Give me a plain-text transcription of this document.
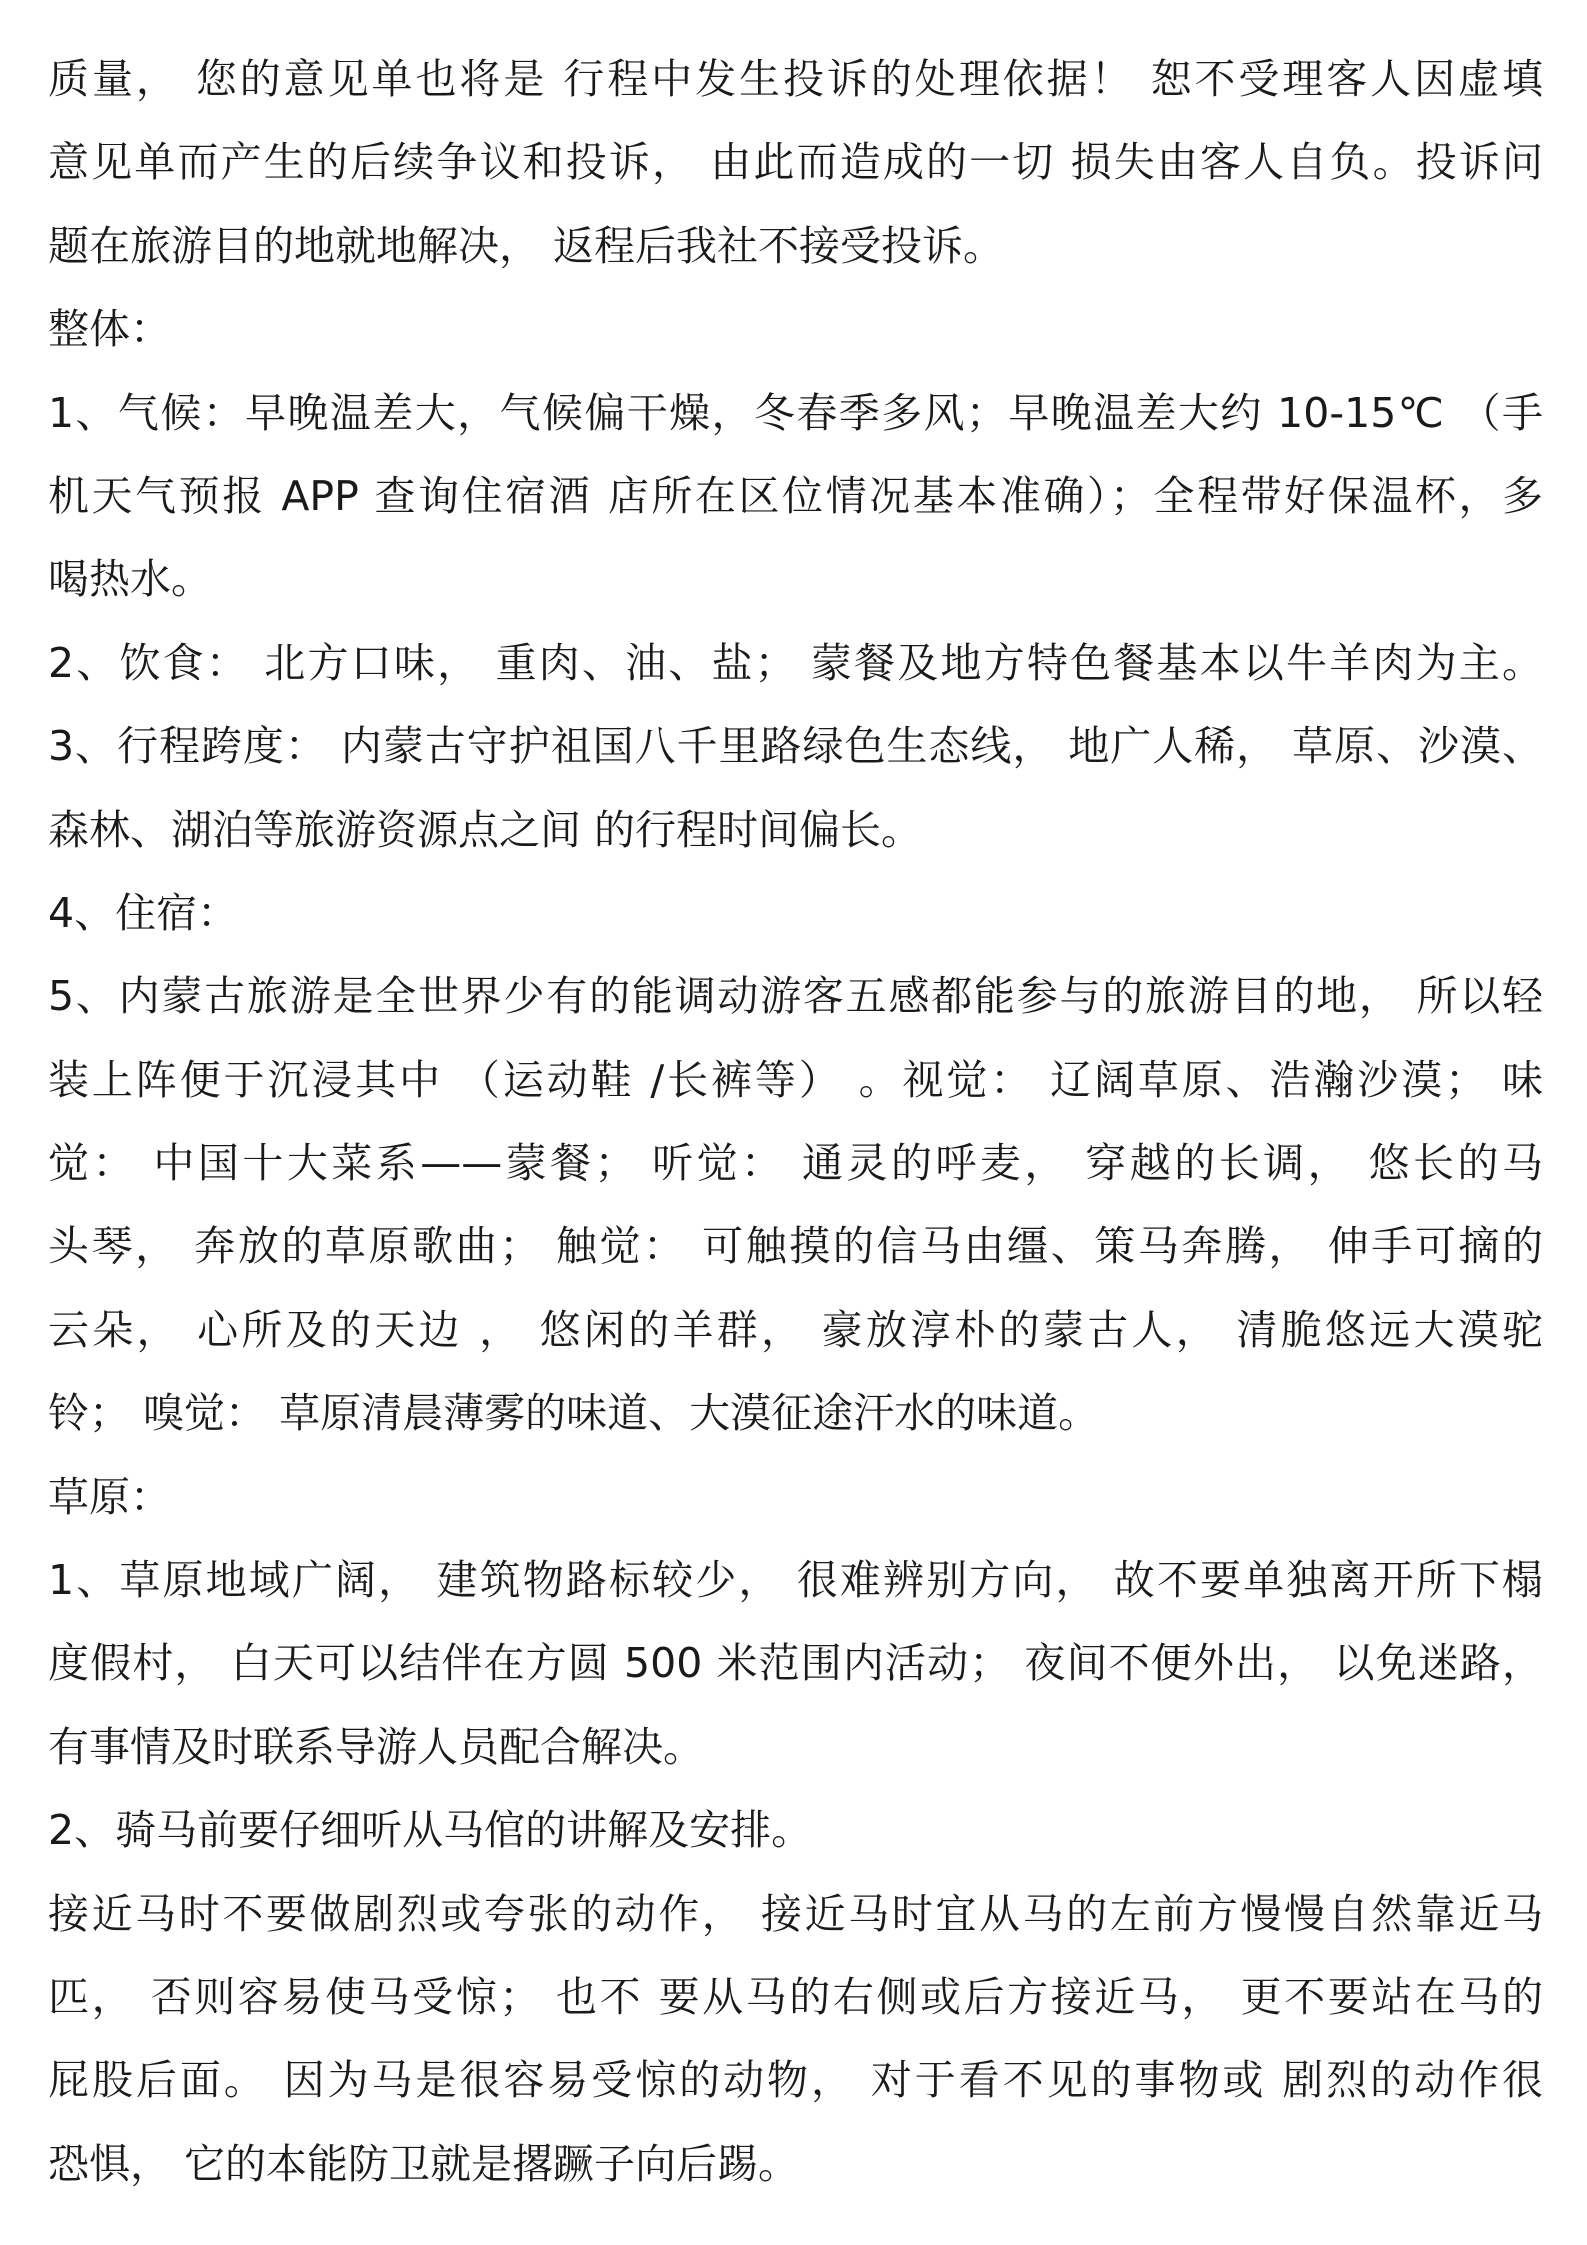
质量， 您的意见单也将是 行程中发生投诉的处理依据！ 恕不受理客人因虚填
意见单而产生的后续争议和投诉， 由此而造成的一切 损失由客人自负。投诉问
题在旅游目的地就地解决， 返程后我社不接受投诉。
整体：
1、气候：早晚温差大，气候偏干燥，冬春季多风；早晚温差大约 10-15℃ （手
机天气预报 APP 查询住宿酒 店所在区位情况基本准确）；全程带好保温杯，多
喝热水。
2、饮食： 北方口味， 重肉、油、盐； 蒙餐及地方特色餐基本以牛羊肉为主。
3、行程跨度： 内蒙古守护祖国八千里路绿色生态线， 地广人稀， 草原、沙漠、
森林、湖泊等旅游资源点之间 的行程时间偏长。
4、住宿：
5、内蒙古旅游是全世界少有的能调动游客五感都能参与的旅游目的地， 所以轻
装上阵便于沉浸其中 （运动鞋 /长裤等） 。视觉： 辽阔草原、浩瀚沙漠； 味
觉： 中国十大菜系——蒙餐； 听觉： 通灵的呼麦， 穿越的长调， 悠长的马
头琴， 奔放的草原歌曲； 触觉： 可触摸的信马由缰、策马奔腾， 伸手可摘的
云朵， 心所及的天边 ， 悠闲的羊群， 豪放淳朴的蒙古人， 清脆悠远大漠驼
铃； 嗅觉： 草原清晨薄雾的味道、大漠征途汗水的味道。
草原：
1、草原地域广阔， 建筑物路标较少， 很难辨别方向， 故不要单独离开所下榻
度假村， 白天可以结伴在方圆 500 米范围内活动； 夜间不便外出， 以免迷路，
有事情及时联系导游人员配合解决。
2、骑马前要仔细听从马倌的讲解及安排。
接近马时不要做剧烈或夸张的动作， 接近马时宜从马的左前方慢慢自然靠近马
匹， 否则容易使马受惊； 也不 要从马的右侧或后方接近马， 更不要站在马的
屁股后面。 因为马是很容易受惊的动物， 对于看不见的事物或 剧烈的动作很
恐惧， 它的本能防卫就是撂蹶子向后踢。
